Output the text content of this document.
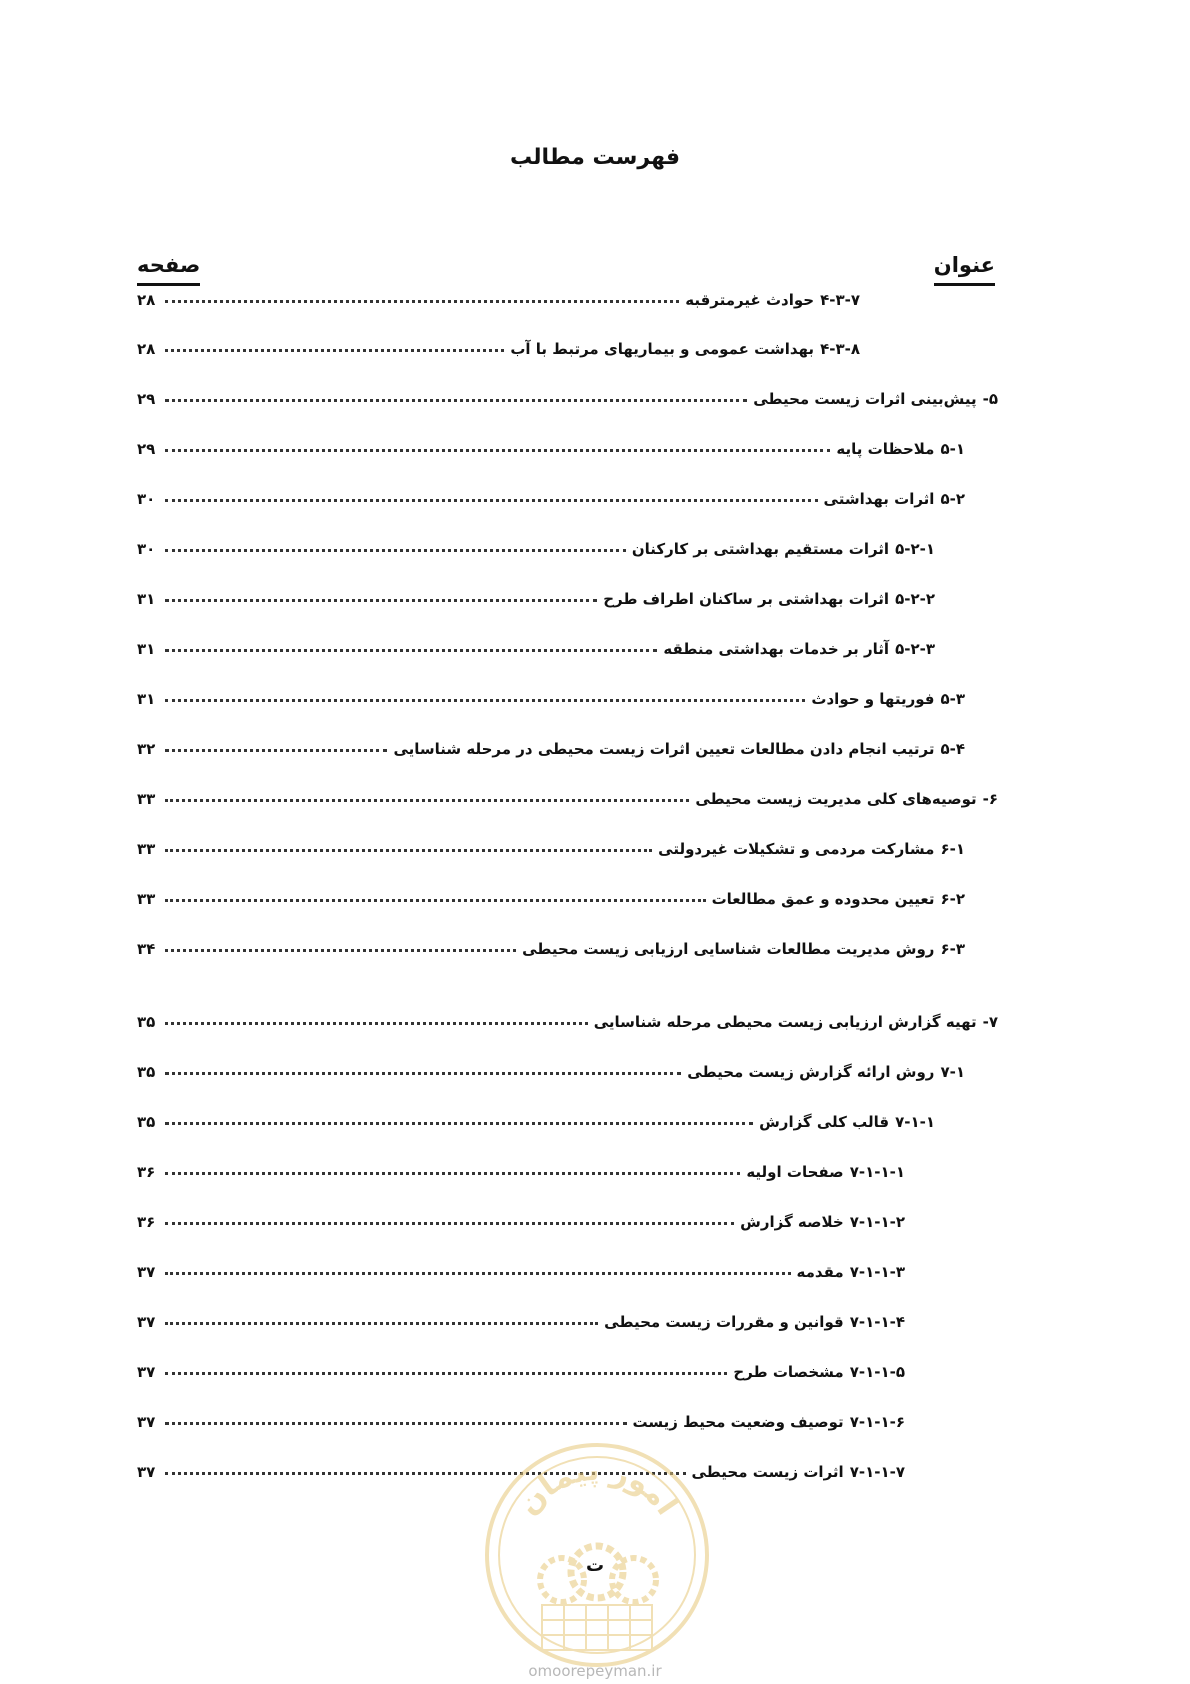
فهرست مطالب
عنوان
صفحه
۴-۳-۷
حوادث غیرمترقبه
۲۸
۴-۳-۸
بهداشت عمومی و بیماریهای مرتبط با آب
۲۸
۵-
پیش‌بینی اثرات زیست محیطی
۲۹
۵-۱
ملاحظات پایه
۲۹
۵-۲
اثرات بهداشتی
۳۰
۵-۲-۱
اثرات مستقیم بهداشتی بر کارکنان
۳۰
۵-۲-۲
اثرات بهداشتی بر ساکنان اطراف طرح
۳۱
۵-۲-۳
آثار بر خدمات بهداشتی منطقه
۳۱
۵-۳
فوریتها و حوادث
۳۱
۵-۴
ترتیب انجام دادن مطالعات تعیین اثرات زیست محیطی در مرحله شناسایی
۳۲
۶-
توصیه‌های کلی مدیریت زیست محیطی
۳۳
۶-۱
مشارکت مردمی و تشکیلات غیردولتی
۳۳
۶-۲
تعیین محدوده و عمق مطالعات
۳۳
۶-۳
روش مدیریت مطالعات شناسایی ارزیابی زیست محیطی
۳۴
۷-
تهیه گزارش ارزیابی زیست محیطی مرحله شناسایی
۳۵
۷-۱
روش ارائه گزارش زیست محیطی
۳۵
۷-۱-۱
قالب کلی گزارش
۳۵
۷-۱-۱-۱
صفحات اولیه
۳۶
۷-۱-۱-۲
خلاصه گزارش
۳۶
۷-۱-۱-۳
مقدمه
۳۷
۷-۱-۱-۴
قوانین و مقررات زیست محیطی
۳۷
۷-۱-۱-۵
مشخصات طرح
۳۷
۷-۱-۱-۶
توصیف وضعیت محیط زیست
۳۷
۷-۱-۱-۷
اثرات زیست محیطی
۳۷
امور پیمان
ت
omoorepeyman.ir
